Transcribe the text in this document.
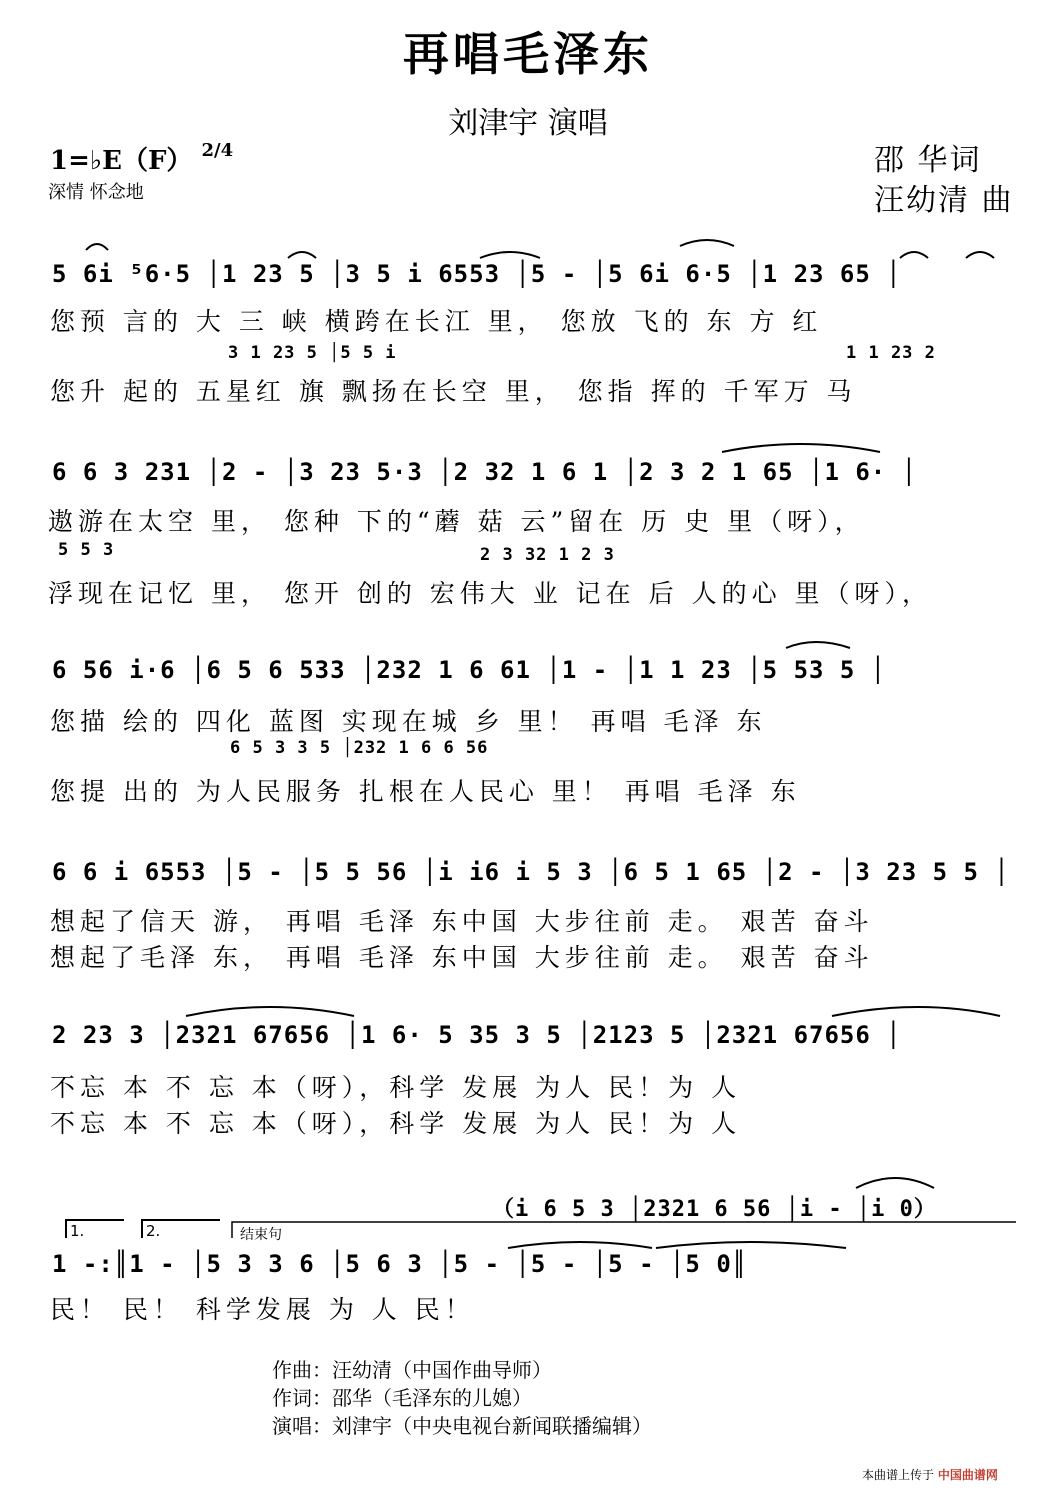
再唱毛泽东
刘津宇 演唱
1=♭E（F） $^{2/4}$
深情 怀念地
邵 华词
汪幼清 曲
5 6i ⁵6·5 │1 23 5 │3 5 i 6553 │5 - │5 6i 6·5 │1 23 65 │
您预 言的 大 三 峡 横跨在长江 里， 您放 飞的 东 方 红
3 1 23 5 │5 5 i	1 1 23 2
您升 起的 五星红 旗 飘扬在长空 里， 您指 挥的 千军万 马
6 6 3 231 │2 - │3 23 5·3 │2 32 1 6 1 │2 3 2 1 65 │1 6· │
遨游在太空 里， 您种 下的“蘑 菇 云”留在 历 史 里（呀），
5 5 3	2 3 32 1 2 3
浮现在记忆 里， 您开 创的 宏伟大 业 记在 后 人的心 里（呀），
6 56 i·6 │6 5 6 533 │232 1 6 61 │1 - │1 1 23 │5 53 5 │
您描 绘的 四化 蓝图 实现在城 乡 里！ 再唱 毛泽 东
6 5 3 3 5 │232 1 6 6 56
您提 出的 为人民服务 扎根在人民心 里！ 再唱 毛泽 东
6 6 i 6553 │5 - │5 5 56 │i i6 i 5 3 │6 5 1 65 │2 - │3 23 5 5 │
想起了信天 游， 再唱 毛泽 东中国 大步往前 走。 艰苦 奋斗
想起了毛泽 东， 再唱 毛泽 东中国 大步往前 走。 艰苦 奋斗
2 23 3 │2321 67656 │1 6· 5 35 3 5 │2123 5 │2321 67656 │
不忘 本 不 忘 本（呀），科学 发展 为人 民！为 人
不忘 本 不 忘 本（呀），科学 发展 为人 民！为 人
（i 6 5 3 │2321 6 56 │i - │i 0）
1.	2.	结束句
1 -:║1 - │5 3 3 6 │5 6 3 │5 - │5 - │5 - │5 0║
民！ 民！ 科学发展 为 人 民！
作曲：汪幼清（中国作曲导师）
作词：邵华（毛泽东的儿媳）
演唱：刘津宇（中央电视台新闻联播编辑）
本曲谱上传于 中国曲谱网
